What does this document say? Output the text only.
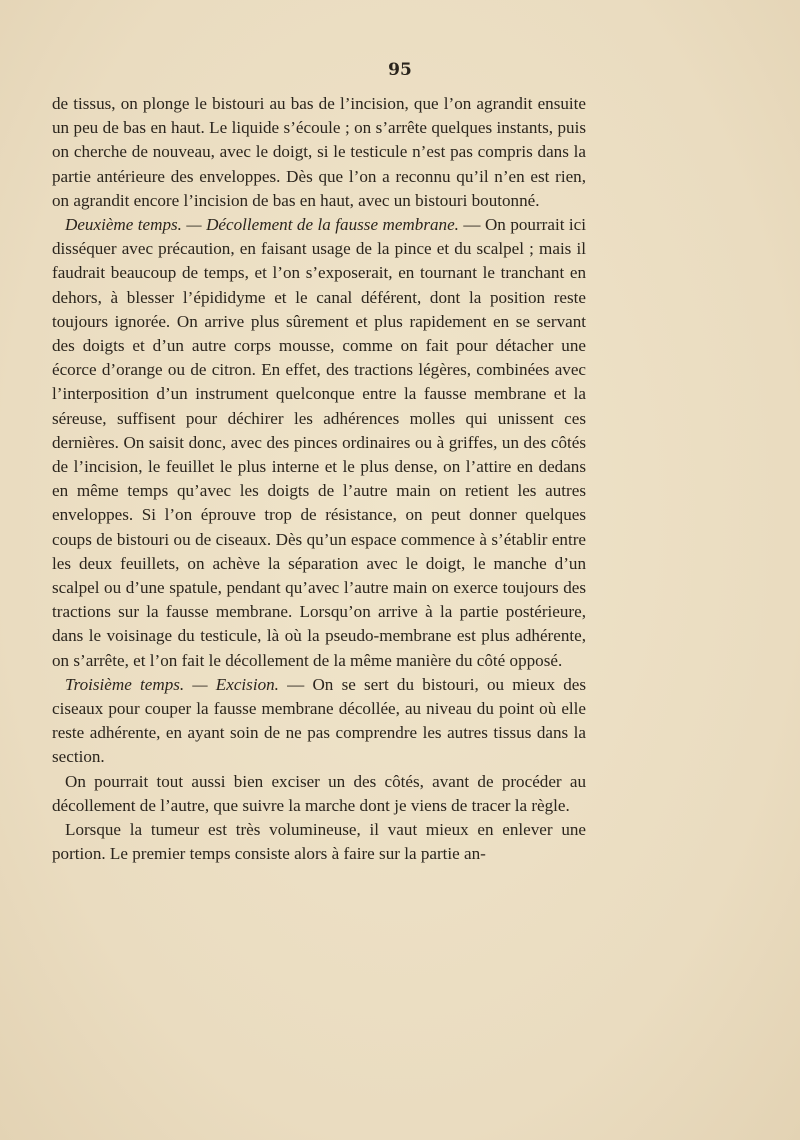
95

de tissus, on plonge le bistouri au bas de l’incision, que l’on agrandit ensuite un peu de bas en haut. Le liquide s’écoule ; on s’arrête quelques instants, puis on cherche de nouveau, avec le doigt, si le testicule n’est pas compris dans la partie antérieure des enveloppes. Dès que l’on a reconnu qu’il n’en est rien, on agrandit encore l’incision de bas en haut, avec un bistouri boutonné.

Deuxième temps. — Décollement de la fausse membrane. — On pourrait ici disséquer avec précaution, en faisant usage de la pince et du scalpel ; mais il faudrait beaucoup de temps, et l’on s’exposerait, en tournant le tranchant en dehors, à blesser l’épididyme et le canal déférent, dont la position reste toujours ignorée. On arrive plus sûrement et plus rapidement en se servant des doigts et d’un autre corps mousse, comme on fait pour détacher une écorce d’orange ou de citron. En effet, des tractions légères, combinées avec l’interposition d’un instrument quelconque entre la fausse membrane et la séreuse, suffisent pour déchirer les adhérences molles qui unissent ces dernières. On saisit donc, avec des pinces ordinaires ou à griffes, un des côtés de l’incision, le feuillet le plus interne et le plus dense, on l’attire en dedans en même temps qu’avec les doigts de l’autre main on retient les autres enveloppes. Si l’on éprouve trop de résistance, on peut donner quelques coups de bistouri ou de ciseaux. Dès qu’un espace commence à s’établir entre les deux feuillets, on achève la séparation avec le doigt, le manche d’un scalpel ou d’une spatule, pendant qu’avec l’autre main on exerce toujours des tractions sur la fausse membrane. Lorsqu’on arrive à la partie postérieure, dans le voisinage du testicule, là où la pseudo-membrane est plus adhérente, on s’arrête, et l’on fait le décollement de la même manière du côté opposé.

Troisième temps. — Excision. — On se sert du bistouri, ou mieux des ciseaux pour couper la fausse membrane décollée, au niveau du point où elle reste adhérente, en ayant soin de ne pas comprendre les autres tissus dans la section.

On pourrait tout aussi bien exciser un des côtés, avant de procéder au décollement de l’autre, que suivre la marche dont je viens de tracer la règle.

Lorsque la tumeur est très volumineuse, il vaut mieux en enlever une portion. Le premier temps consiste alors à faire sur la partie an-
